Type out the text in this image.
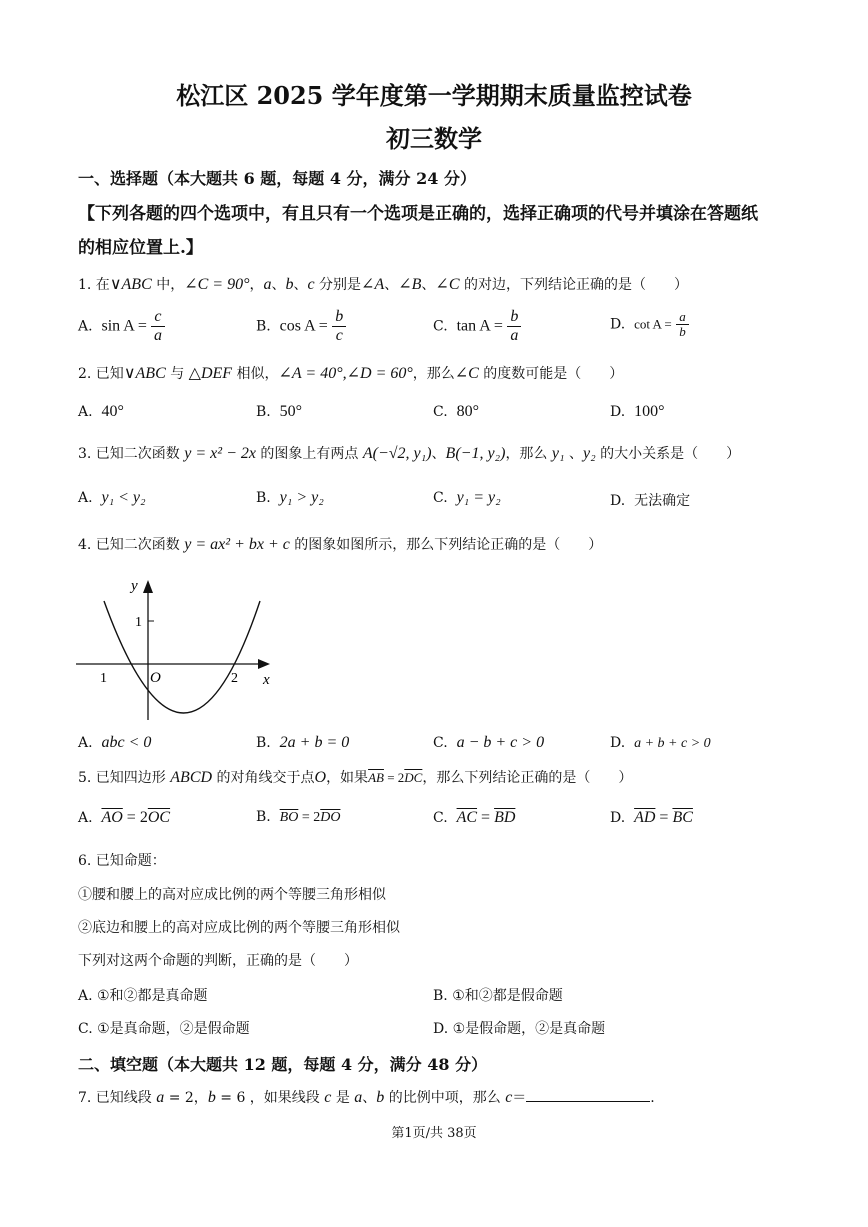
松江区 2025 学年度第一学期期末质量监控试卷
初三数学
一、选择题（本大题共 6 题，每题 4 分，满分 24 分）
【下列各题的四个选项中，有且只有一个选项是正确的，选择正确项的代号并填涂在答题纸
的相应位置上.】
1. 在∨ABC 中，∠C = 90°，a、b、c 分别是∠A、∠B、∠C 的对边，下列结论正确的是（　　）
A. $\sin A = \frac{c}{a}$	B. $\cos A = \frac{b}{c}$	C. $\tan A = \frac{b}{a}$	D. $\cot A = \frac{a}{b}$
2. 已知∨ABC 与 △DEF 相似，∠A = 40°,∠D = 60°，那么∠C 的度数可能是（　　）
A. 40°	B. 50°	C. 80°	D. 100°
3. 已知二次函数 y = x² − 2x 的图象上有两点 A(−√2, y₁)、B(−1, y₂)，那么 y₁ 、y₂ 的大小关系是（　　）
A. y₁ < y₂	B. y₁ > y₂	C. y₁ = y₂	D. 无法确定
4. 已知二次函数 y = ax² + bx + c 的图象如图所示，那么下列结论正确的是（　　）
y
x
O
1
1	2
A. abc < 0	B. 2a + b = 0	C. a − b + c > 0	D. a + b + c > 0
5. 已知四边形 ABCD 的对角线交于点O，如果$\overline{AB} = 2\overline{DC}$，那么下列结论正确的是（　　）
A. $\overline{AO} = 2\overline{OC}$	B. $\overline{BO} = 2\overline{DO}$	C. $\overline{AC} = \overline{BD}$	D. $\overline{AD} = \overline{BC}$
6. 已知命题：
①腰和腰上的高对应成比例的两个等腰三角形相似
②底边和腰上的高对应成比例的两个等腰三角形相似
下列对这两个命题的判断，正确的是（　　）
A. ①和②都是真命题	B. ①和②都是假命题
C. ①是真命题，②是假命题	D. ①是假命题，②是真命题
二、填空题（本大题共 12 题，每题 4 分，满分 48 分）
7. 已知线段 a = 2，b = 6 ，如果线段 c 是 a、b 的比例中项，那么 c＝	.
第1页/共 38页
